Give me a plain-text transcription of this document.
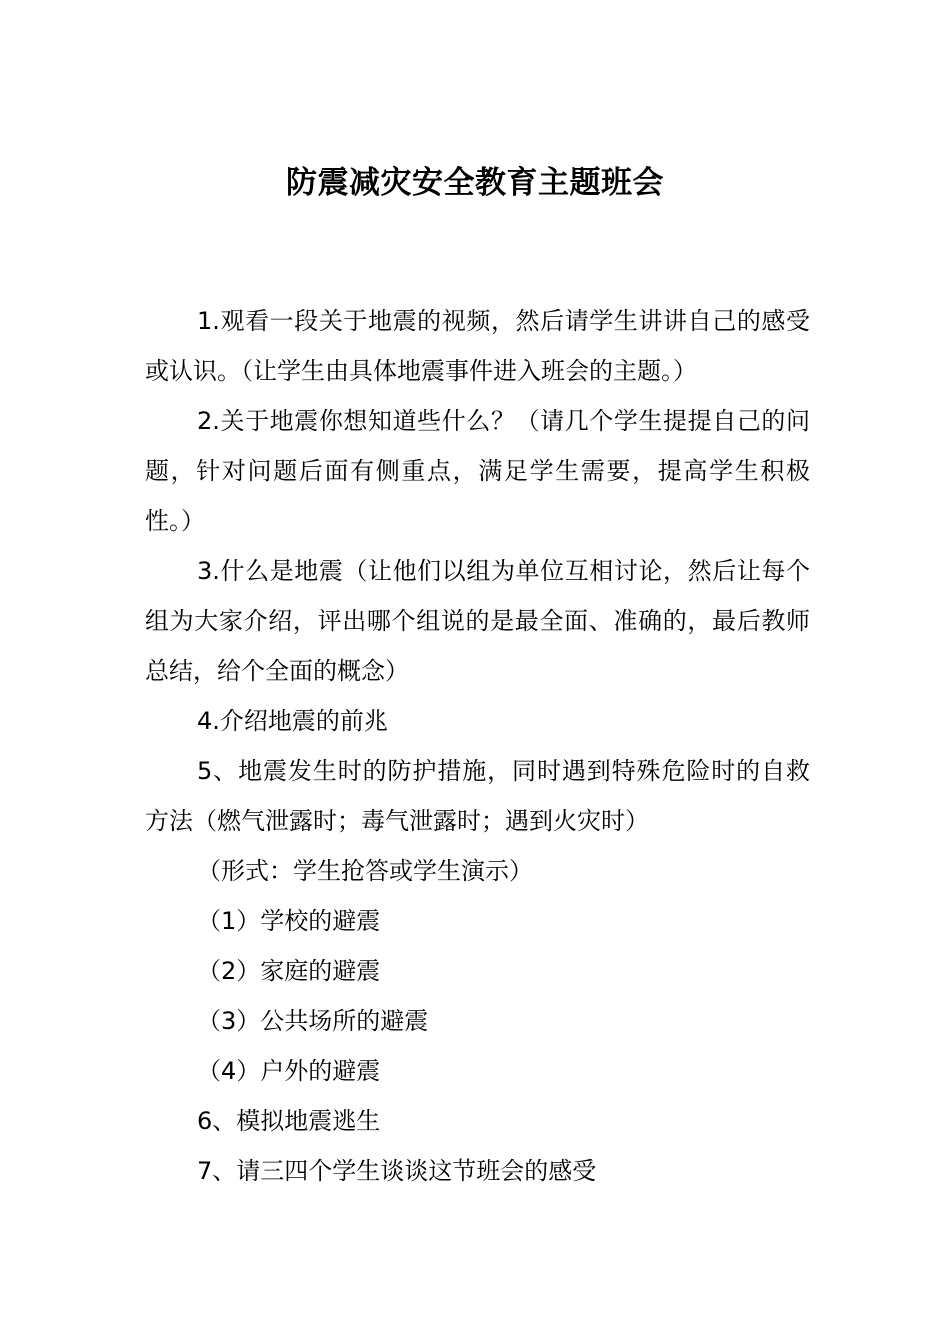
防震减灾安全教育主题班会

1.观看一段关于地震的视频，然后请学生讲讲自己的感受或认识。（让学生由具体地震事件进入班会的主题。）

2.关于地震你想知道些什么？（请几个学生提提自己的问题，针对问题后面有侧重点，满足学生需要，提高学生积极性。）

3.什么是地震（让他们以组为单位互相讨论，然后让每个组为大家介绍，评出哪个组说的是最全面、准确的，最后教师总结，给个全面的概念）

4.介绍地震的前兆

5、地震发生时的防护措施，同时遇到特殊危险时的自救方法（燃气泄露时；毒气泄露时；遇到火灾时）

（形式：学生抢答或学生演示）

（1）学校的避震

（2）家庭的避震

（3）公共场所的避震

（4）户外的避震

6、模拟地震逃生

7、请三四个学生谈谈这节班会的感受
